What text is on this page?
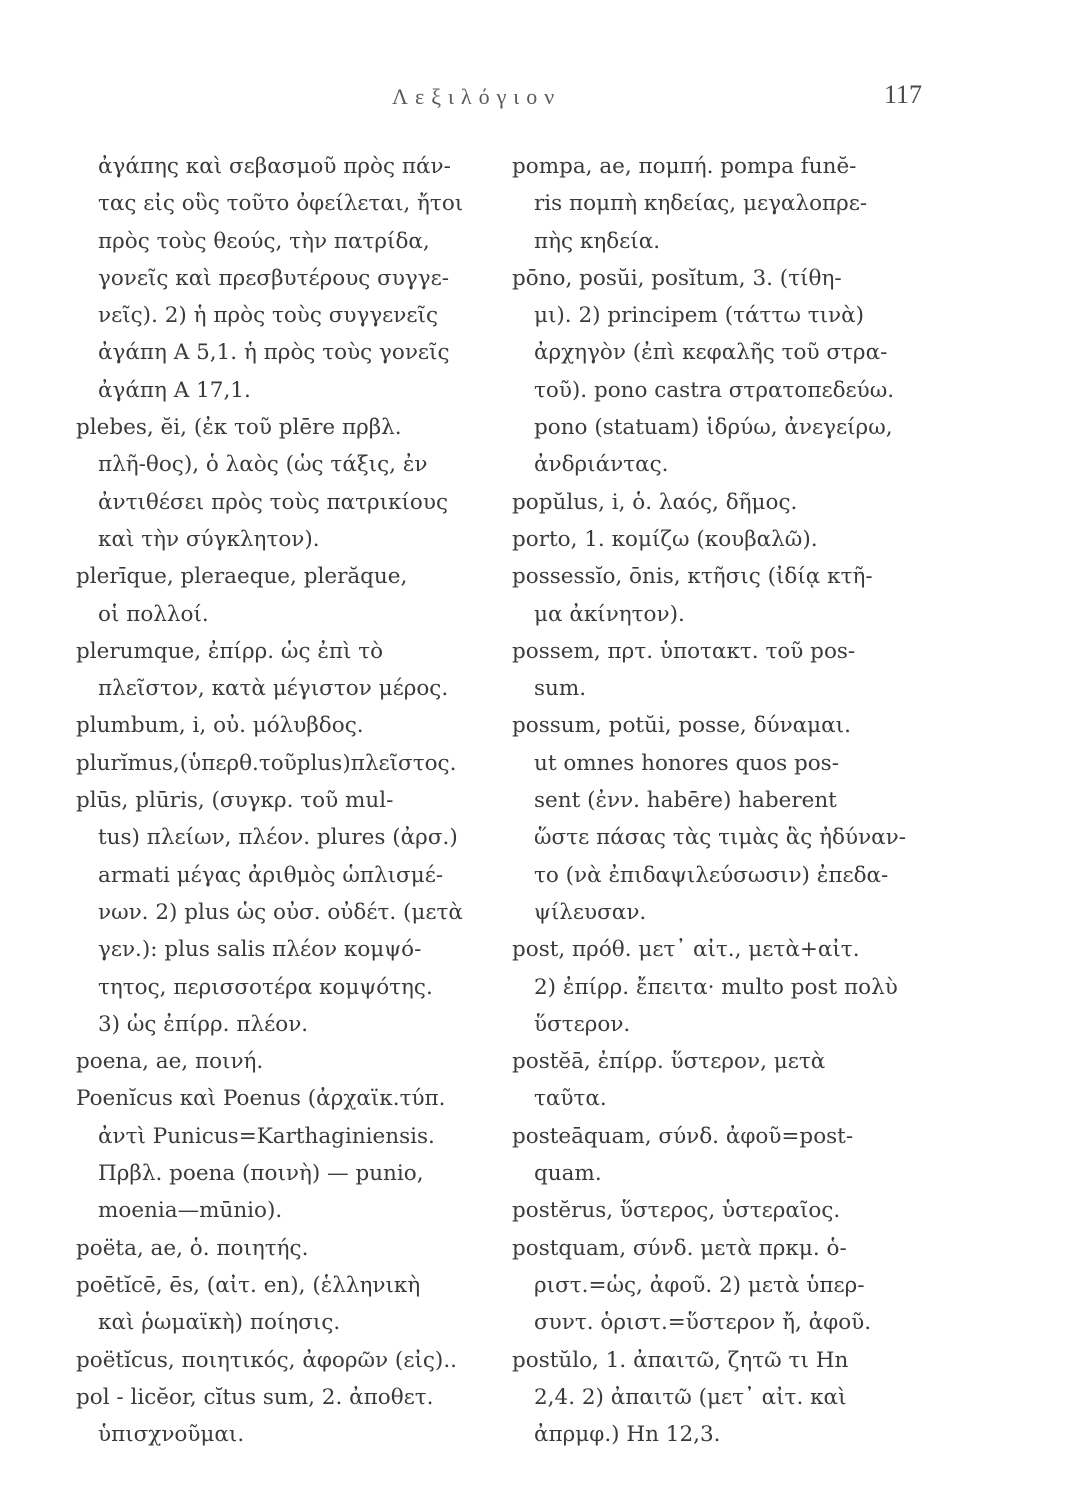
Λεξιλόγιον	117
ἀγάπης καὶ σεβασμοῦ πρὸς πάν-
τας εἰς οὓς τοῦτο ὀφείλεται, ἤτοι
πρὸς τοὺς θεούς, τὴν πατρίδα,
γονεῖς καὶ πρεσβυτέρους συγγε-
νεῖς). 2) ἡ πρὸς τοὺς συγγενεῖς
ἀγάπη Α 5,1. ἡ πρὸς τοὺς γονεῖς
ἀγάπη Α 17,1.
plebes, ĕi, (ἐκ τοῦ plēre πρβλ.
πλῆ-θος), ὁ λαὸς (ὡς τάξις, ἐν
ἀντιθέσει πρὸς τοὺς πατρικίους
καὶ τὴν σύγκλητον).
plerīque, pleraeque, plerăque,
οἱ πολλοί.
plerumque, ἐπίρρ. ὡς ἐπὶ τὸ
πλεῖστον, κατὰ μέγιστον μέρος.
plumbum, i, οὐ. μόλυβδος.
plurĭmus,(ὑπερθ.τοῦplus)πλεῖστος.
plūs, plūris, (συγκρ. τοῦ mul-
tus) πλείων, πλέον. plures (ἀρσ.)
armati μέγας ἀριθμὸς ὡπλισμέ-
νων. 2) plus ὡς οὐσ. οὐδέτ. (μετὰ
γεν.): plus salis πλέον κομψό-
τητος, περισσοτέρα κομψότης.
3) ὡς ἐπίρρ. πλέον.
poena, ae, ποινή.
Poenĭcus καὶ Poenus (ἀρχαϊκ.τύπ.
ἀντὶ Punicus=Karthaginiensis.
Πρβλ. poena (ποινὴ) — punio,
moenia—mūnio).
poëta, ae, ὁ. ποιητής.
poētĭcē, ēs, (αἰτ. en), (ἑλληνικὴ
καὶ ῥωμαϊκὴ) ποίησις.
poëtĭcus, ποιητικός, ἀφορῶν (εἰς)..
pol - licĕor, cĭtus sum, 2. ἀποθετ.
ὑπισχνοῦμαι.
pompa, ae, πομπή. pompa funĕ-
ris πομπὴ κηδείας, μεγαλοπρε-
πὴς κηδεία.
pōno, posŭi, posĭtum, 3. (τίθη-
μι). 2) principem (τάττω τινὰ)
ἀρχηγὸν (ἐπὶ κεφαλῆς τοῦ στρα-
τοῦ). pono castra στρατοπεδεύω.
pono (statuam) ἱδρύω, ἀνεγείρω,
ἀνδριάντας.
popŭlus, i, ὁ. λαός, δῆμος.
porto, 1. κομίζω (κουβαλῶ).
possessĭo, ōnis, κτῆσις (ἰδίᾳ κτῆ-
μα ἀκίνητον).
possem, πρτ. ὑποτακτ. τοῦ pos-
sum.
possum, potŭi, posse, δύναμαι.
ut omnes honores quos pos-
sent (ἐνν. habēre) haberent
ὥστε πάσας τὰς τιμὰς ἃς ἠδύναν-
το (νὰ ἐπιδαψιλεύσωσιν) ἐπεδα-
ψίλευσαν.
post, πρόθ. μετ᾽ αἰτ., μετὰ+αἰτ.
2) ἐπίρρ. ἔπειτα· multo post πολὺ
ὕστερον.
postĕā, ἐπίρρ. ὕστερον, μετὰ
ταῦτα.
posteāquam, σύνδ. ἀφοῦ=post-
quam.
postĕrus, ὕστερος, ὑστεραῖος.
postquam, σύνδ. μετὰ πρκμ. ὁ-
ριστ.=ὡς, ἀφοῦ. 2) μετὰ ὑπερ-
συντ. ὁριστ.=ὕστερον ἤ, ἀφοῦ.
postŭlo, 1. ἀπαιτῶ, ζητῶ τι Hn
2,4. 2) ἀπαιτῶ (μετ᾽ αἰτ. καὶ
ἀπρμφ.) Hn 12,3.
